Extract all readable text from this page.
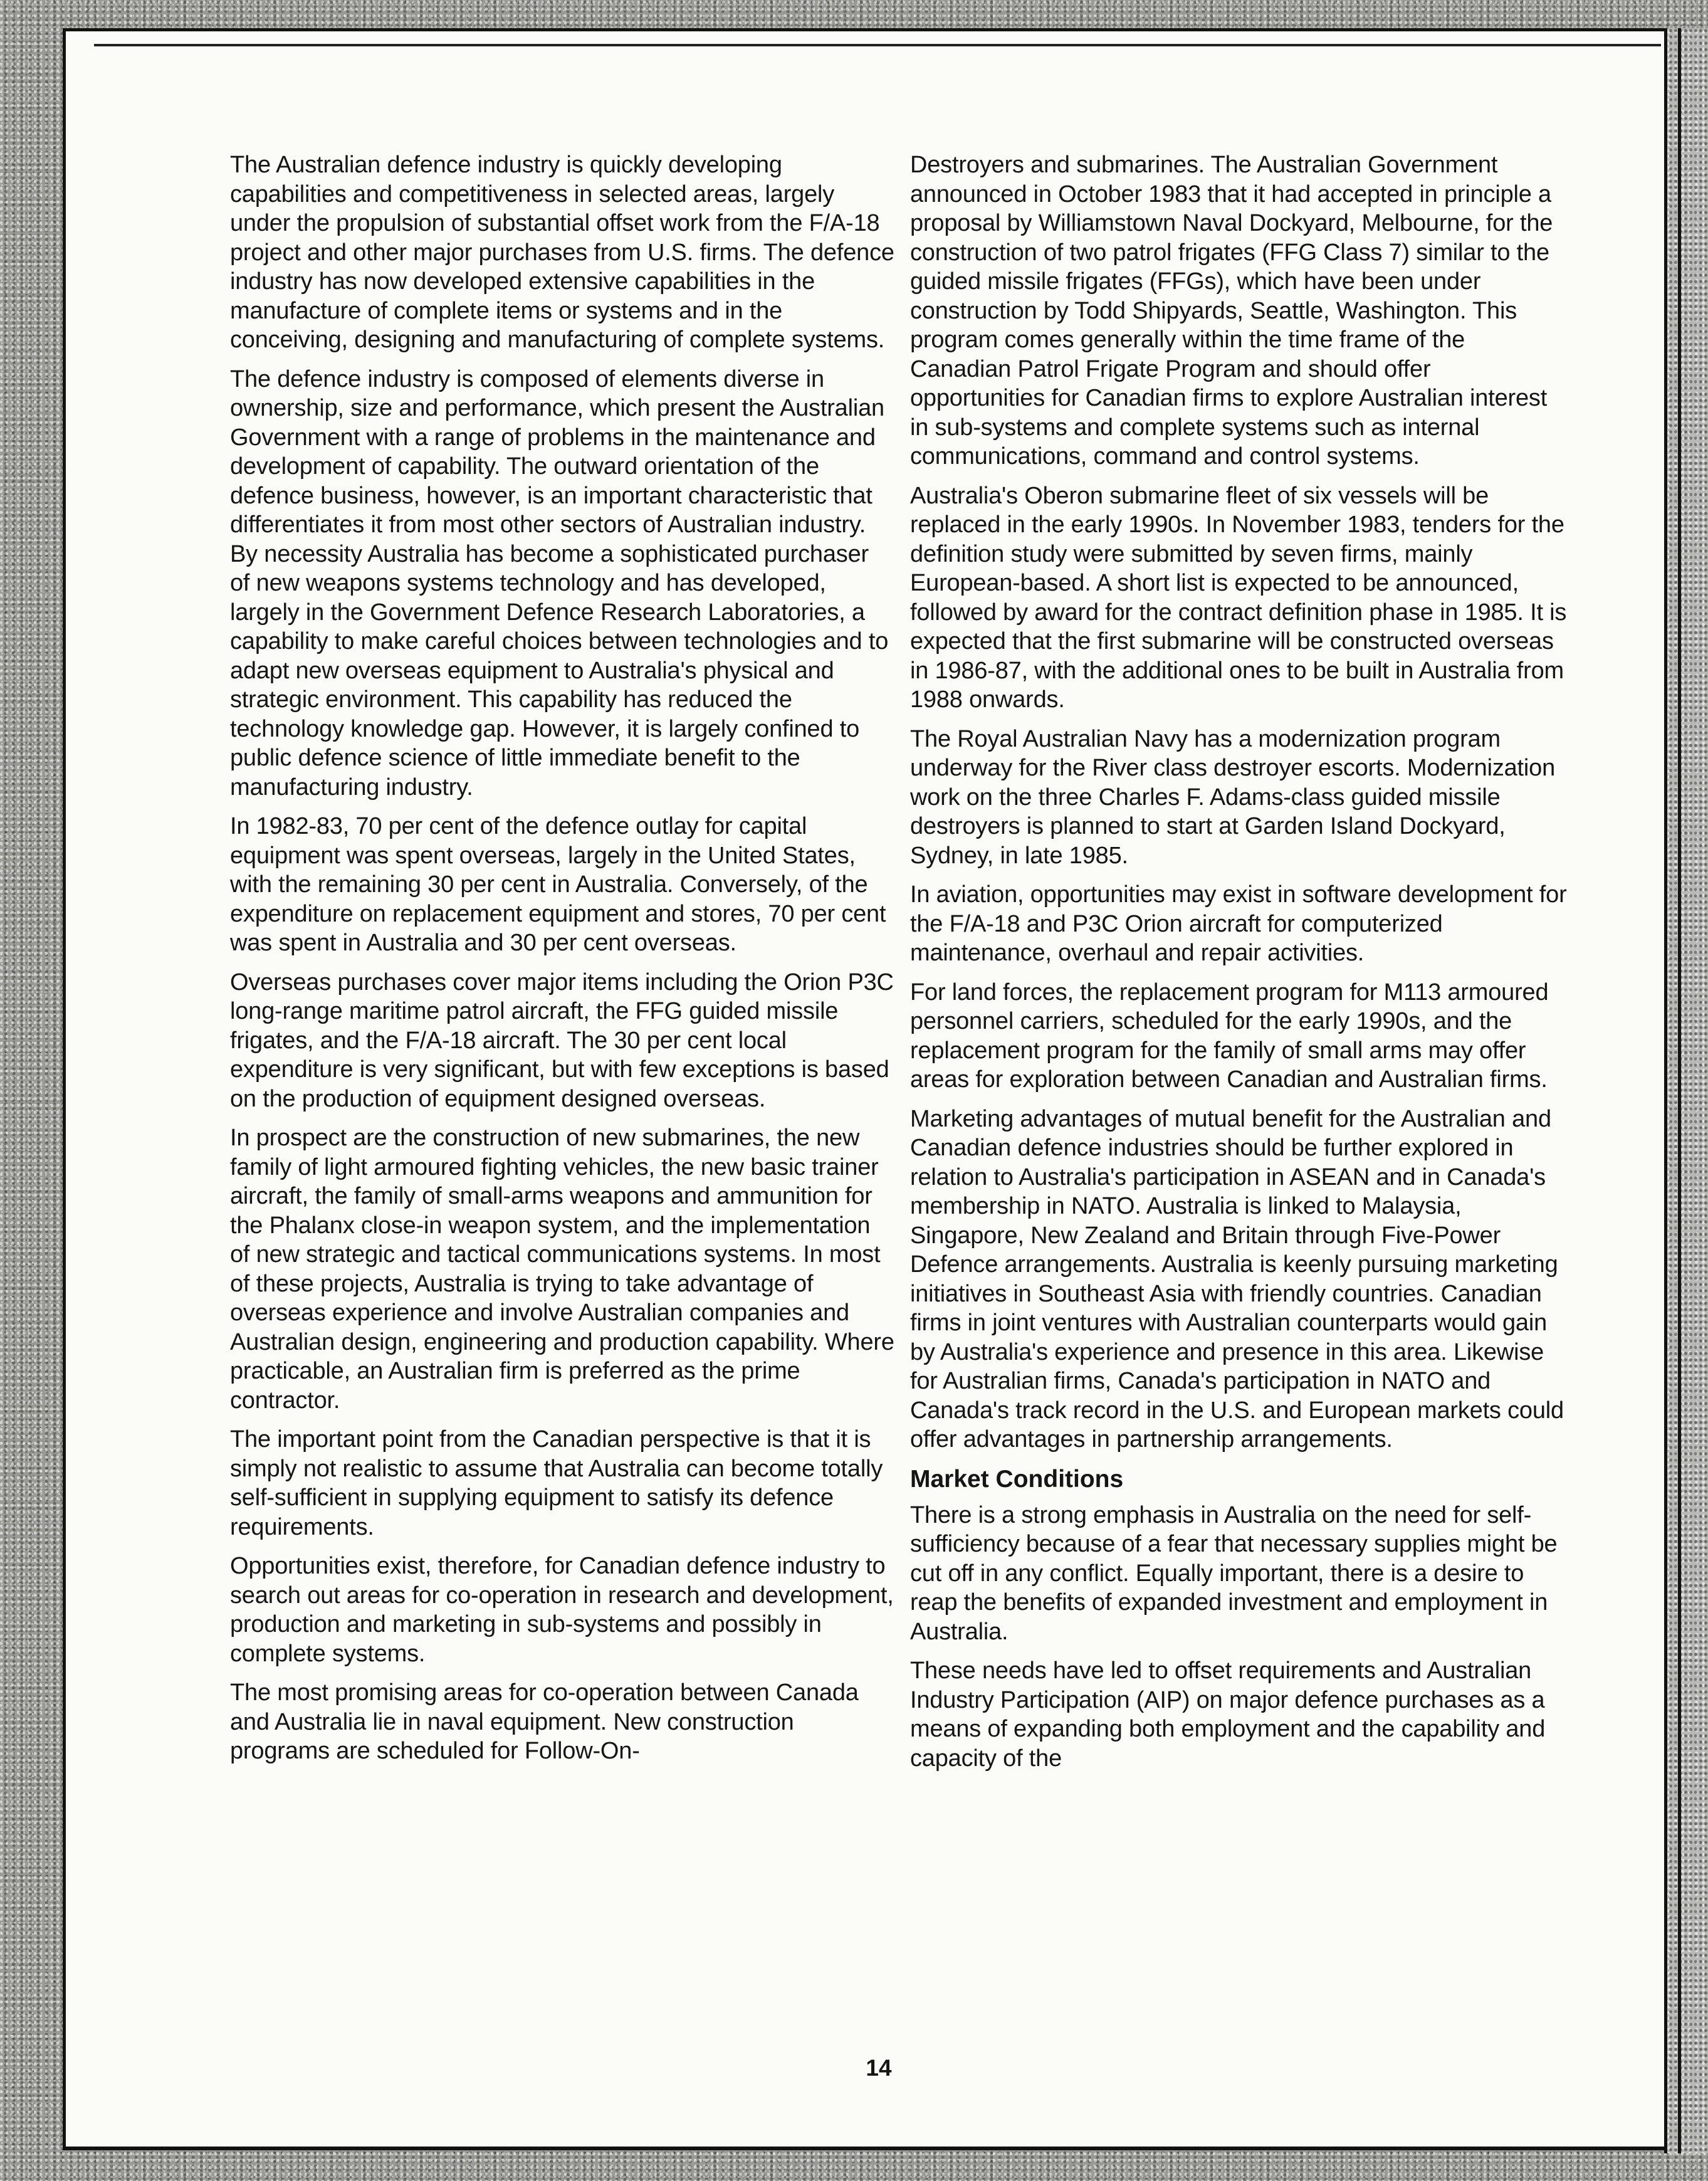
The Australian defence industry is quickly developing capabilities and competitiveness in selected areas, largely under the propulsion of substantial offset work from the F/A-18 project and other major purchases from U.S. firms. The defence industry has now developed extensive capabilities in the manufacture of complete items or systems and in the conceiving, designing and manufacturing of complete systems.

The defence industry is composed of elements diverse in ownership, size and performance, which present the Australian Government with a range of problems in the maintenance and development of capability. The outward orientation of the defence business, however, is an important characteristic that differentiates it from most other sectors of Australian industry. By necessity Australia has become a sophisticated purchaser of new weapons systems technology and has developed, largely in the Government Defence Research Laboratories, a capability to make careful choices between technologies and to adapt new overseas equipment to Australia's physical and strategic environment. This capability has reduced the technology knowledge gap. However, it is largely confined to public defence science of little immediate benefit to the manufacturing industry.

In 1982-83, 70 per cent of the defence outlay for capital equipment was spent overseas, largely in the United States, with the remaining 30 per cent in Australia. Conversely, of the expenditure on replacement equipment and stores, 70 per cent was spent in Australia and 30 per cent overseas.

Overseas purchases cover major items including the Orion P3C long-range maritime patrol aircraft, the FFG guided missile frigates, and the F/A-18 aircraft. The 30 per cent local expenditure is very significant, but with few exceptions is based on the production of equipment designed overseas.

In prospect are the construction of new submarines, the new family of light armoured fighting vehicles, the new basic trainer aircraft, the family of small-arms weapons and ammunition for the Phalanx close-in weapon system, and the implementation of new strategic and tactical communications systems. In most of these projects, Australia is trying to take advantage of overseas experience and involve Australian companies and Australian design, engineering and production capability. Where practicable, an Australian firm is preferred as the prime contractor.

The important point from the Canadian perspective is that it is simply not realistic to assume that Australia can become totally self-sufficient in supplying equipment to satisfy its defence requirements.

Opportunities exist, therefore, for Canadian defence industry to search out areas for co-operation in research and development, production and marketing in sub-systems and possibly in complete systems.

The most promising areas for co-operation between Canada and Australia lie in naval equipment. New construction programs are scheduled for Follow-On-

Destroyers and submarines. The Australian Government announced in October 1983 that it had accepted in principle a proposal by Williamstown Naval Dockyard, Melbourne, for the construction of two patrol frigates (FFG Class 7) similar to the guided missile frigates (FFGs), which have been under construction by Todd Shipyards, Seattle, Washington. This program comes generally within the time frame of the Canadian Patrol Frigate Program and should offer opportunities for Canadian firms to explore Australian interest in sub-systems and complete systems such as internal communications, command and control systems.

Australia's Oberon submarine fleet of six vessels will be replaced in the early 1990s. In November 1983, tenders for the definition study were submitted by seven firms, mainly European-based. A short list is expected to be announced, followed by award for the contract definition phase in 1985. It is expected that the first submarine will be constructed overseas in 1986-87, with the additional ones to be built in Australia from 1988 onwards.

The Royal Australian Navy has a modernization program underway for the River class destroyer escorts. Modernization work on the three Charles F. Adams-class guided missile destroyers is planned to start at Garden Island Dockyard, Sydney, in late 1985.

In aviation, opportunities may exist in software development for the F/A-18 and P3C Orion aircraft for computerized maintenance, overhaul and repair activities.

For land forces, the replacement program for M113 armoured personnel carriers, scheduled for the early 1990s, and the replacement program for the family of small arms may offer areas for exploration between Canadian and Australian firms.

Marketing advantages of mutual benefit for the Australian and Canadian defence industries should be further explored in relation to Australia's participation in ASEAN and in Canada's membership in NATO. Australia is linked to Malaysia, Singapore, New Zealand and Britain through Five-Power Defence arrangements. Australia is keenly pursuing marketing initiatives in Southeast Asia with friendly countries. Canadian firms in joint ventures with Australian counterparts would gain by Australia's experience and presence in this area. Likewise for Australian firms, Canada's participation in NATO and Canada's track record in the U.S. and European markets could offer advantages in partnership arrangements.

Market Conditions

There is a strong emphasis in Australia on the need for self-sufficiency because of a fear that necessary supplies might be cut off in any conflict. Equally important, there is a desire to reap the benefits of expanded investment and employment in Australia.

These needs have led to offset requirements and Australian Industry Participation (AIP) on major defence purchases as a means of expanding both employment and the capability and capacity of the

14
